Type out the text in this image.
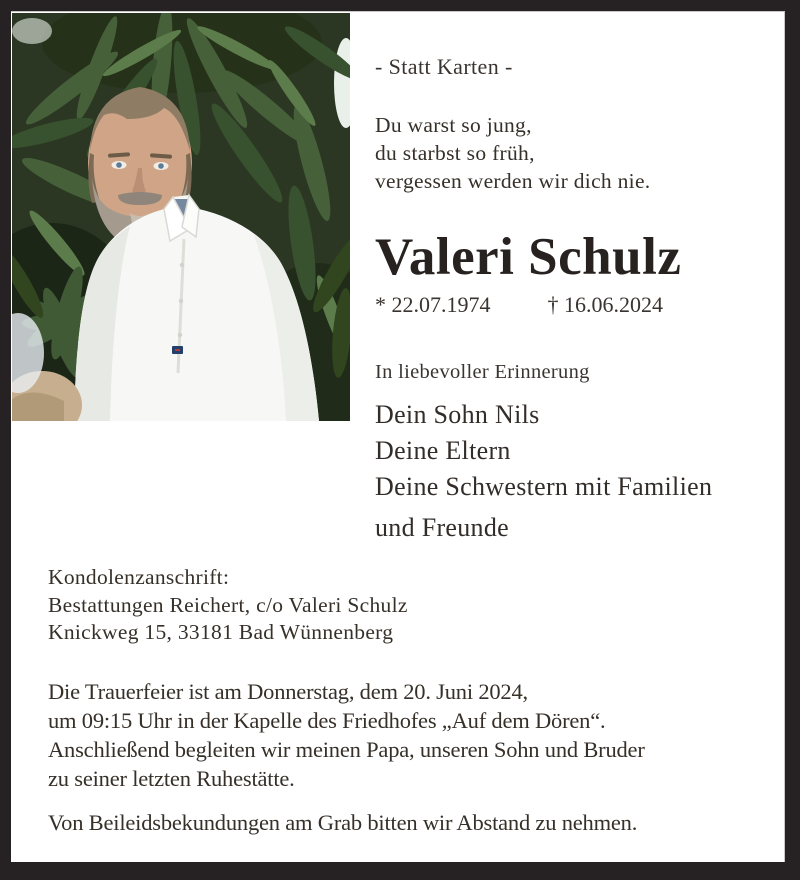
- Statt Karten -
Du warst so jung,
du starbst so früh,
vergessen werden wir dich nie.
Valeri Schulz
* 22.07.1974	† 16.06.2024
In liebevoller Erinnerung
Dein Sohn Nils
Deine Eltern
Deine Schwestern mit Familien
und Freunde
Kondolenzanschrift:
Bestattungen Reichert, c/o Valeri Schulz
Knickweg 15, 33181 Bad Wünnenberg
Die Trauerfeier ist am Donnerstag, dem 20. Juni 2024,
um 09:15 Uhr in der Kapelle des Friedhofes „Auf dem Dören“.
Anschließend begleiten wir meinen Papa, unseren Sohn und Bruder
zu seiner letzten Ruhestätte.
Von Beileidsbekundungen am Grab bitten wir Abstand zu nehmen.
